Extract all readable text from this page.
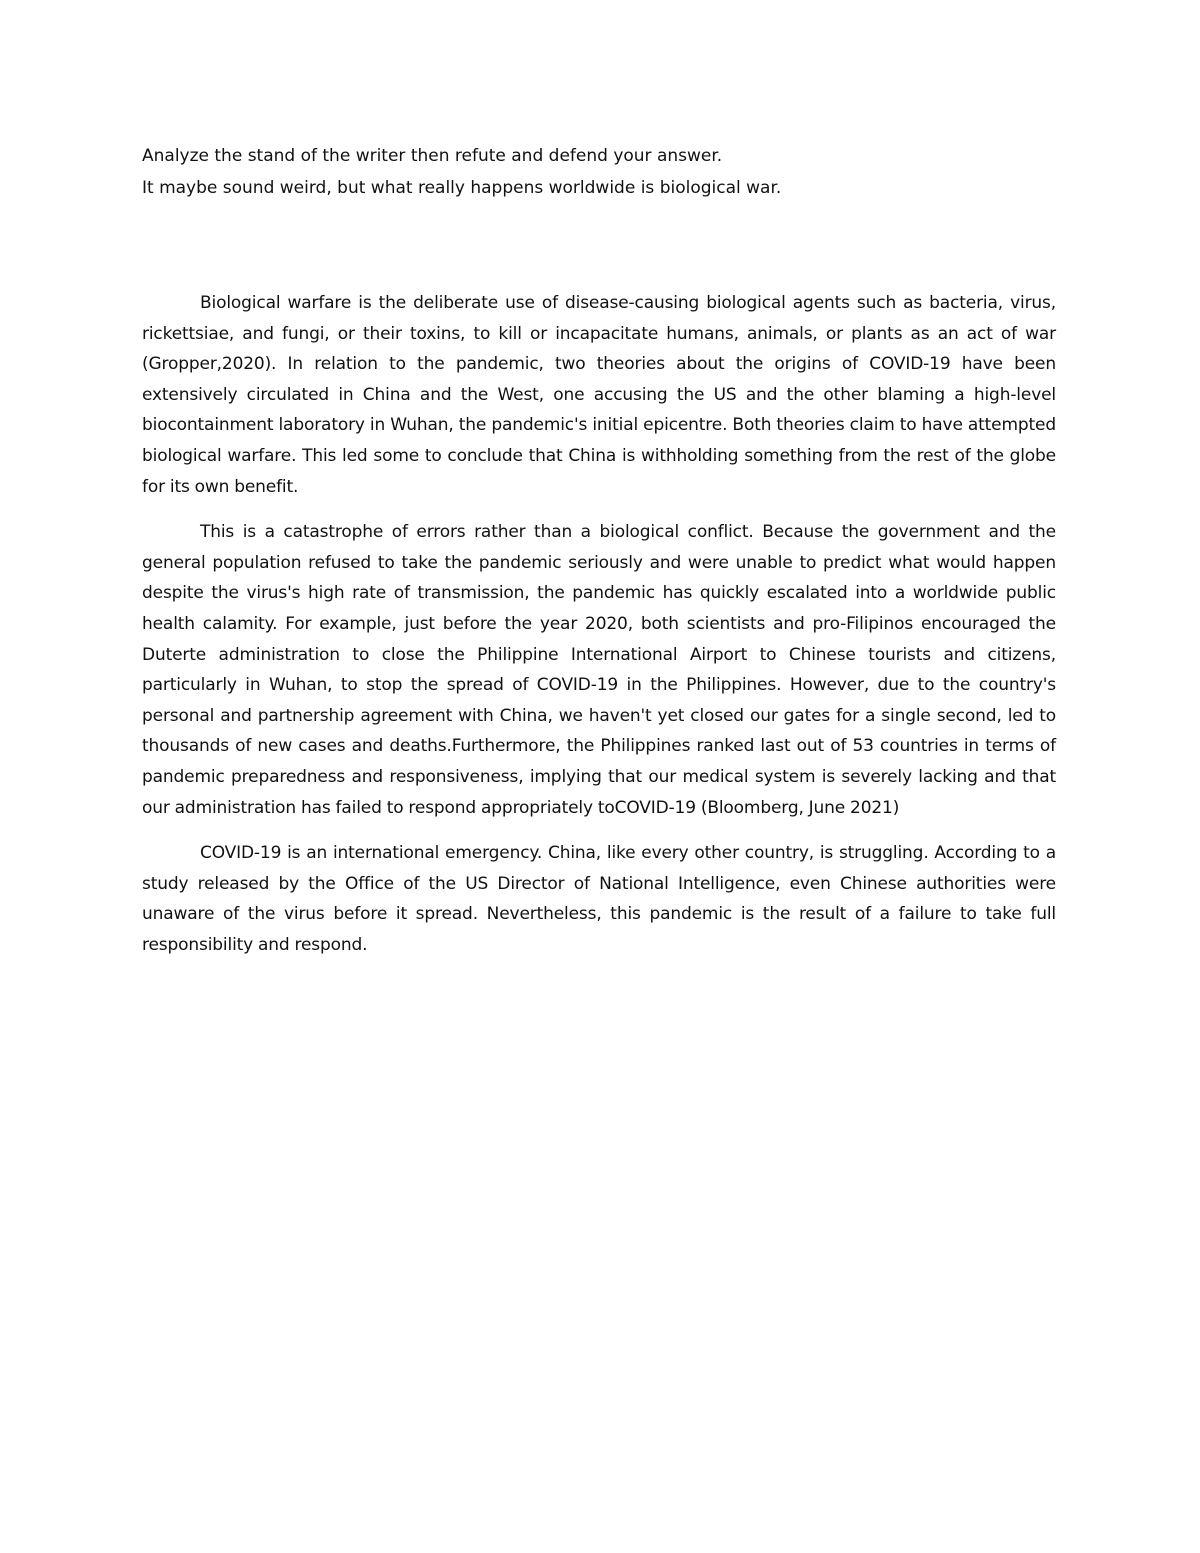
Analyze the stand of the writer then refute and defend your answer.

It maybe sound weird, but what really happens worldwide is biological war.

Biological warfare is the deliberate use of disease-causing biological agents such as bacteria, virus, rickettsiae, and fungi, or their toxins, to kill or incapacitate humans, animals, or plants as an act of war (Gropper,2020). In relation to the pandemic, two theories about the origins of COVID-19 have been extensively circulated in China and the West, one accusing the US and the other blaming a high-level biocontainment laboratory in Wuhan, the pandemic's initial epicentre. Both theories claim to have attempted biological warfare. This led some to conclude that China is withholding something from the rest of the globe for its own benefit.

This is a catastrophe of errors rather than a biological conflict. Because the government and the general population refused to take the pandemic seriously and were unable to predict what would happen despite the virus's high rate of transmission, the pandemic has quickly escalated into a worldwide public health calamity. For example, just before the year 2020, both scientists and pro-Filipinos encouraged the Duterte administration to close the Philippine International Airport to Chinese tourists and citizens, particularly in Wuhan, to stop the spread of COVID-19 in the Philippines. However, due to the country's personal and partnership agreement with China, we haven't yet closed our gates for a single second, led to thousands of new cases and deaths.Furthermore, the Philippines ranked last out of 53 countries in terms of pandemic preparedness and responsiveness, implying that our medical system is severely lacking and that our administration has failed to respond appropriately toCOVID-19 (Bloomberg, June 2021)

COVID-19 is an international emergency. China, like every other country, is struggling. According to a study released by the Office of the US Director of National Intelligence, even Chinese authorities were unaware of the virus before it spread. Nevertheless, this pandemic is the result of a failure to take full responsibility and respond.
